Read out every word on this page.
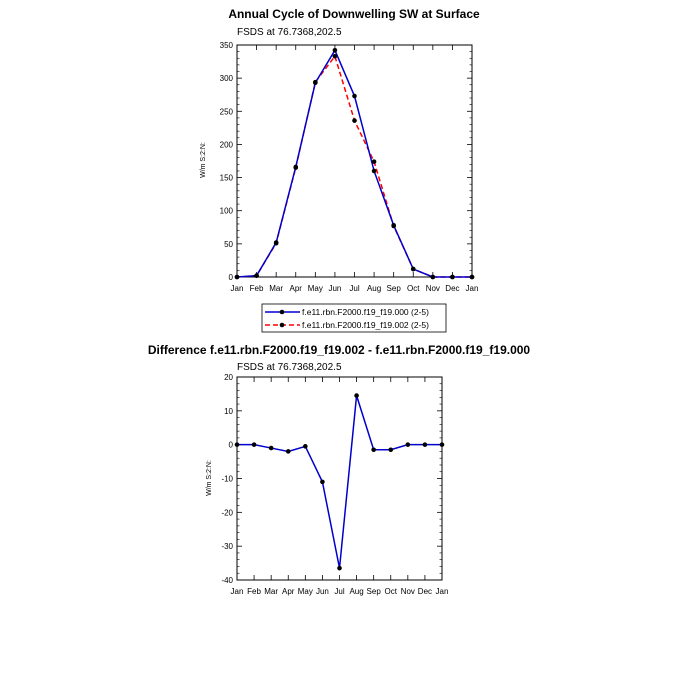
Annual Cycle of Downwelling SW at Surface
FSDS at 76.7368,202.5
W/m S:2:N:
0
50
100
150
200
250
300
350
Jan Feb Mar Apr May Jun Jul Aug Sep Oct Nov Dec Jan
f.e11.rbn.F2000.f19_f19.000 (2-5)
f.e11.rbn.F2000.f19_f19.002 (2-5)
Difference f.e11.rbn.F2000.f19_f19.002 - f.e11.rbn.F2000.f19_f19.000
FSDS at 76.7368,202.5
W/m S:2:N:
-40
-30
-20
-10
0
10
20
Jan Feb Mar Apr May Jun Jul Aug Sep Oct Nov Dec Jan
